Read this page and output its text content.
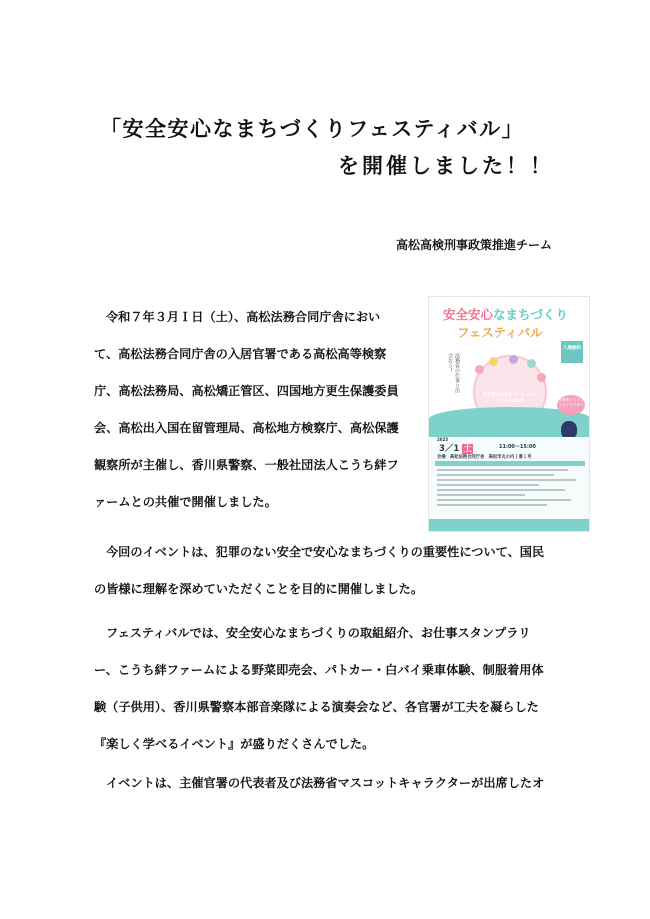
「安全安心なまちづくりフェスティバル」
を開催しました！！
高松高検刑事政策推進チーム
令和７年３月Ｉ日（土）、高松法務合同庁舎におい
て、高松法務合同庁舎の入居官署である高松高等検察
庁、高松法務局、高松矯正管区、四国地方更生保護委員
会、高松出入国在留管理局、高松地方検察庁、高松保護
観察所が主催し、香川県警察、一般社団法人こうち絆フ
ァームとの共催で開催しました。
安全安心なまちづくり
フェスティバル
入場無料
法務省の仕事と出会おう！
安全安心なまちづくりフェスティバル2025	法務省マスコットキャラクター
2025
3／1 土	11:00〜15:00
会場：高松法務合同庁舎　高松市丸の内１番１号
今回のイベントは、犯罪のない安全で安心なまちづくりの重要性について、国民
の皆様に理解を深めていただくことを目的に開催しました。
フェスティバルでは、安全安心なまちづくりの取組紹介、お仕事スタンプラリ
ー、こうち絆ファームによる野菜即売会、パトカー・白バイ乗車体験、制服着用体
験（子供用）、香川県警察本部音楽隊による演奏会など、各官署が工夫を凝らした
『楽しく学べるイベント』が盛りだくさんでした。
イベントは、主催官署の代表者及び法務省マスコットキャラクターが出席したオ
